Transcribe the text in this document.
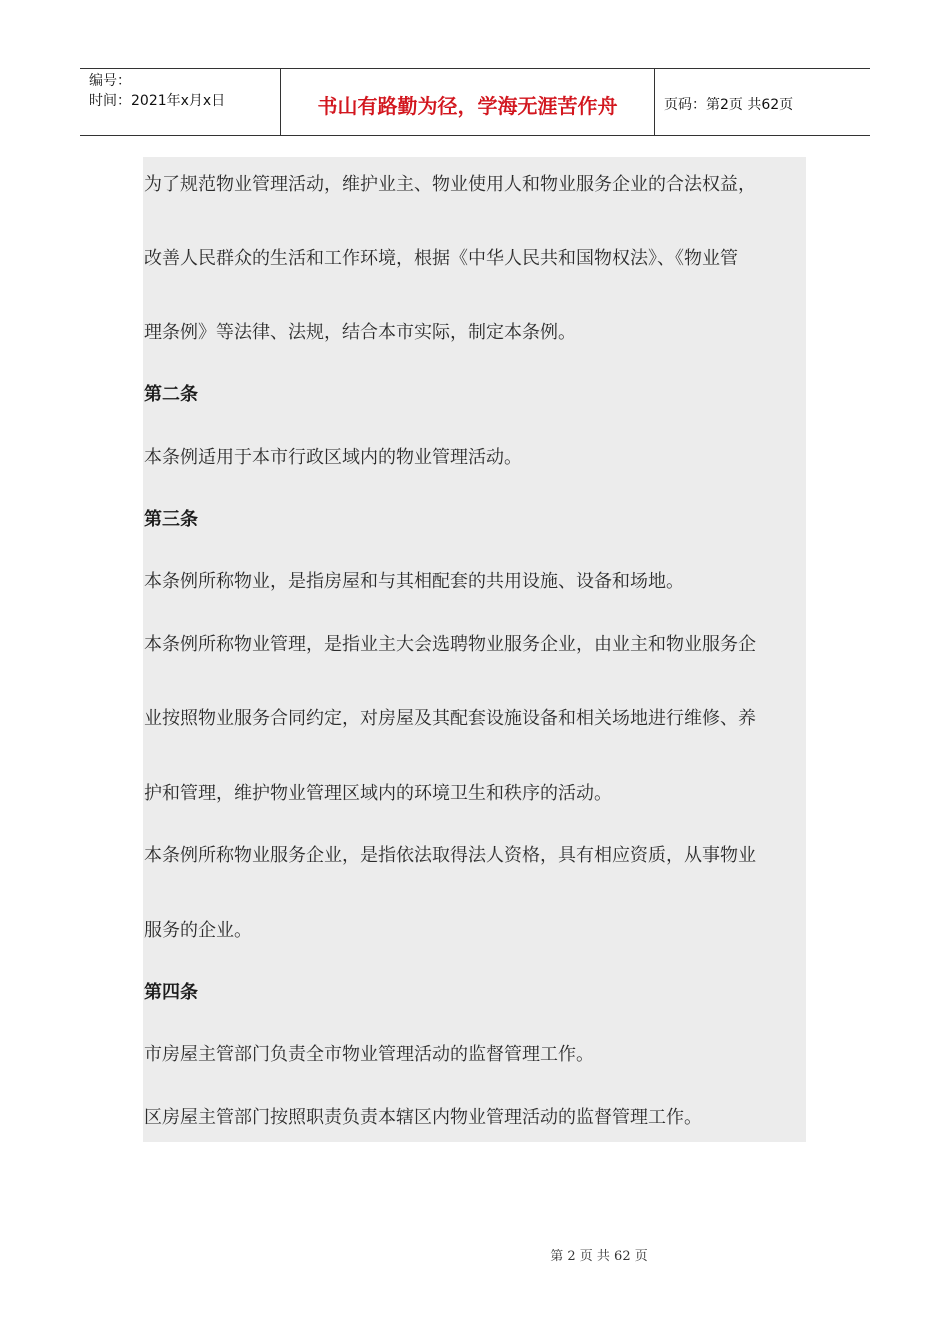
编号：
时间：2021年x月x日	书山有路勤为径，学海无涯苦作舟	页码：第2页 共62页
为了规范物业管理活动，维护业主、物业使用人和物业服务企业的合法权益，
改善人民群众的生活和工作环境，根据《中华人民共和国物权法》、《物业管
理条例》等法律、法规，结合本市实际，制定本条例。
第二条
本条例适用于本市行政区域内的物业管理活动。
第三条
本条例所称物业，是指房屋和与其相配套的共用设施、设备和场地。
本条例所称物业管理，是指业主大会选聘物业服务企业，由业主和物业服务企
业按照物业服务合同约定，对房屋及其配套设施设备和相关场地进行维修、养
护和管理，维护物业管理区域内的环境卫生和秩序的活动。
本条例所称物业服务企业，是指依法取得法人资格，具有相应资质，从事物业
服务的企业。
第四条
市房屋主管部门负责全市物业管理活动的监督管理工作。
区房屋主管部门按照职责负责本辖区内物业管理活动的监督管理工作。
第 2 页 共 62 页
